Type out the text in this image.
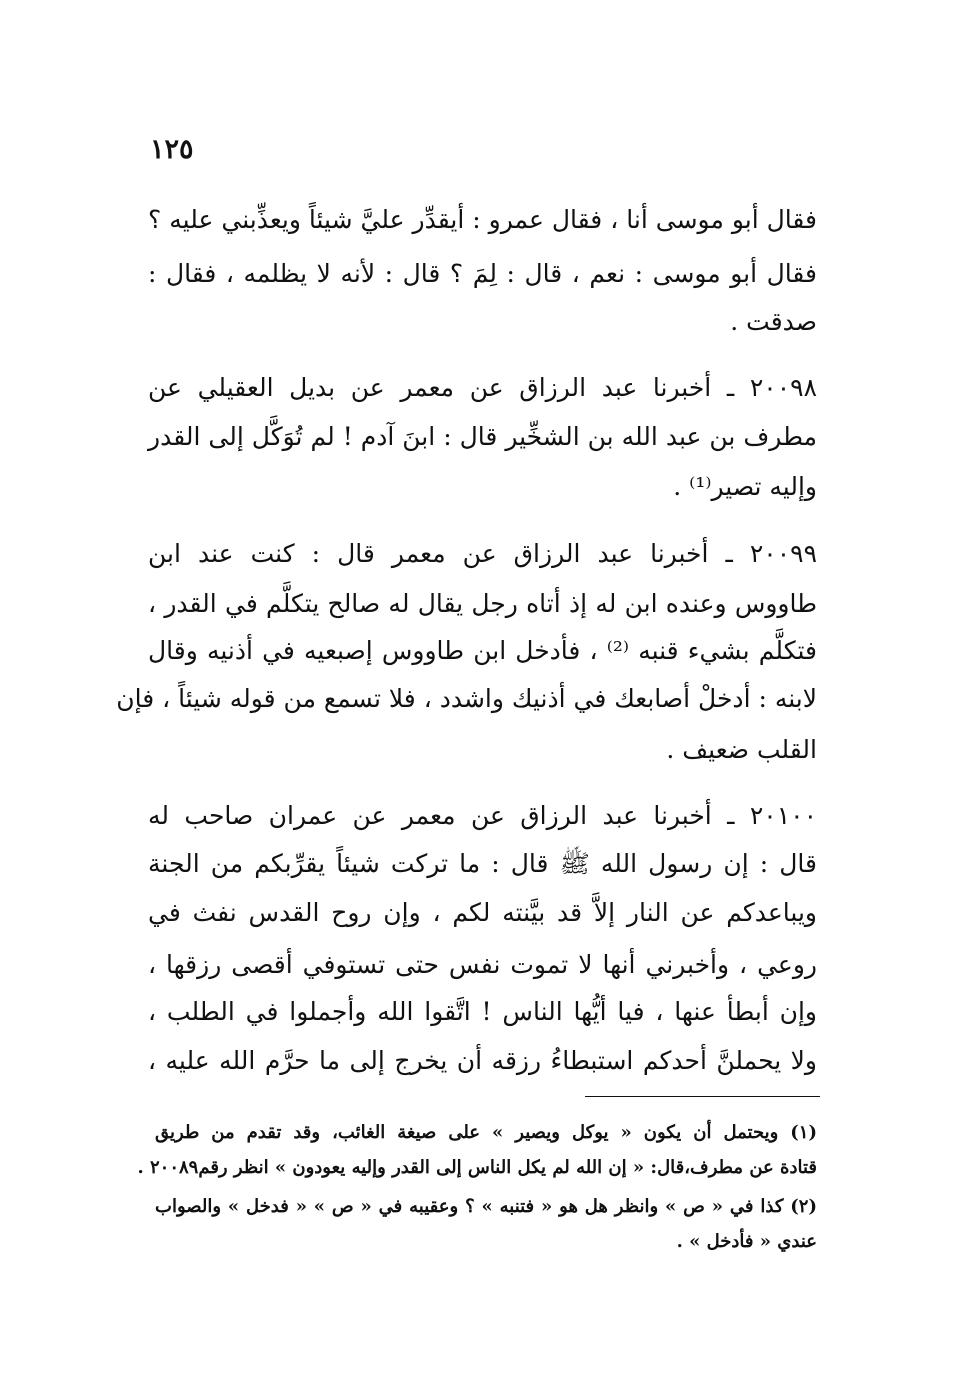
١٢٥
فقال أبو موسى أنا ، فقال عمرو : أيقدِّر عليَّ شيئاً ويعذِّبني عليه ؟
فقال أبو موسى : نعم ، قال : لِمَ ؟ قال : لأنه لا يظلمه ، فقال :
صدقت .
٢٠٠٩٨ ـ أخبرنا عبد الرزاق عن معمر عن بديل العقيلي عن
مطرف بن عبد الله بن الشخِّير قال : ابنَ آدم ! لم تُوَكَّل إلى القدر
وإليه تصير⁽¹⁾ .
٢٠٠٩٩ ـ أخبرنا عبد الرزاق عن معمر قال : كنت عند ابن
طاووس وعنده ابن له إذ أتاه رجل يقال له صالح يتكلَّم في القدر ،
فتكلَّم بشيء قنبه ⁽²⁾ ، فأدخل ابن طاووس إصبعيه في أذنيه وقال
لابنه : أدخلْ أصابعك في أذنيك واشدد ، فلا تسمع من قوله شيئاً ، فإن
القلب ضعيف .
٢٠١٠٠ ـ أخبرنا عبد الرزاق عن معمر عن عمران صاحب له
قال : إن رسول الله ﷺ قال : ما تركت شيئاً يقرِّبكم من الجنة
ويباعدكم عن النار إلاَّ قد بيَّنته لكم ، وإن روح القدس نفث في
روعي ، وأخبرني أنها لا تموت نفس حتى تستوفي أقصى رزقها ،
وإن أبطأ عنها ، فيا أيُّها الناس ! اتَّقوا الله وأجملوا في الطلب ،
ولا يحملنَّ أحدكم استبطاءُ رزقه أن يخرج إلى ما حرَّم الله عليه ،
(١) ويحتمل أن يكون « يوكل ويصير » على صيغة الغائب، وقد تقدم من طريق
قتادة عن مطرف،قال: « إن الله لم يكل الناس إلى القدر وإليه يعودون » انظر رقم٢٠٠٨٩ .
(٢) كذا في « ص » وانظر هل هو « فتنبه » ؟ وعقيبه في « ص » « فدخل » والصواب
عندي « فأدخل » .
